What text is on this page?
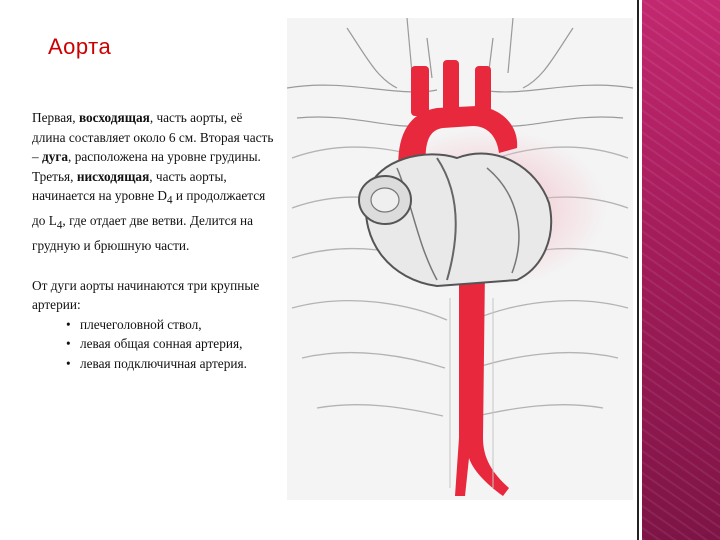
Аорта

Первая, восходящая, часть аорты, её длина составляет около 6 см. Вторая часть – дуга, расположена на уровне грудины. Третья, нисходящая, часть аорты, начинается на уровне $D_4$ и продолжается до $L_4$, где отдает две ветви. Делится на грудную и брюшную части.

От дуги аорты начинаются три крупные артерии:

• плечеголовной ствол,
• левая общая сонная артерия,
• левая подключичная артерия.
